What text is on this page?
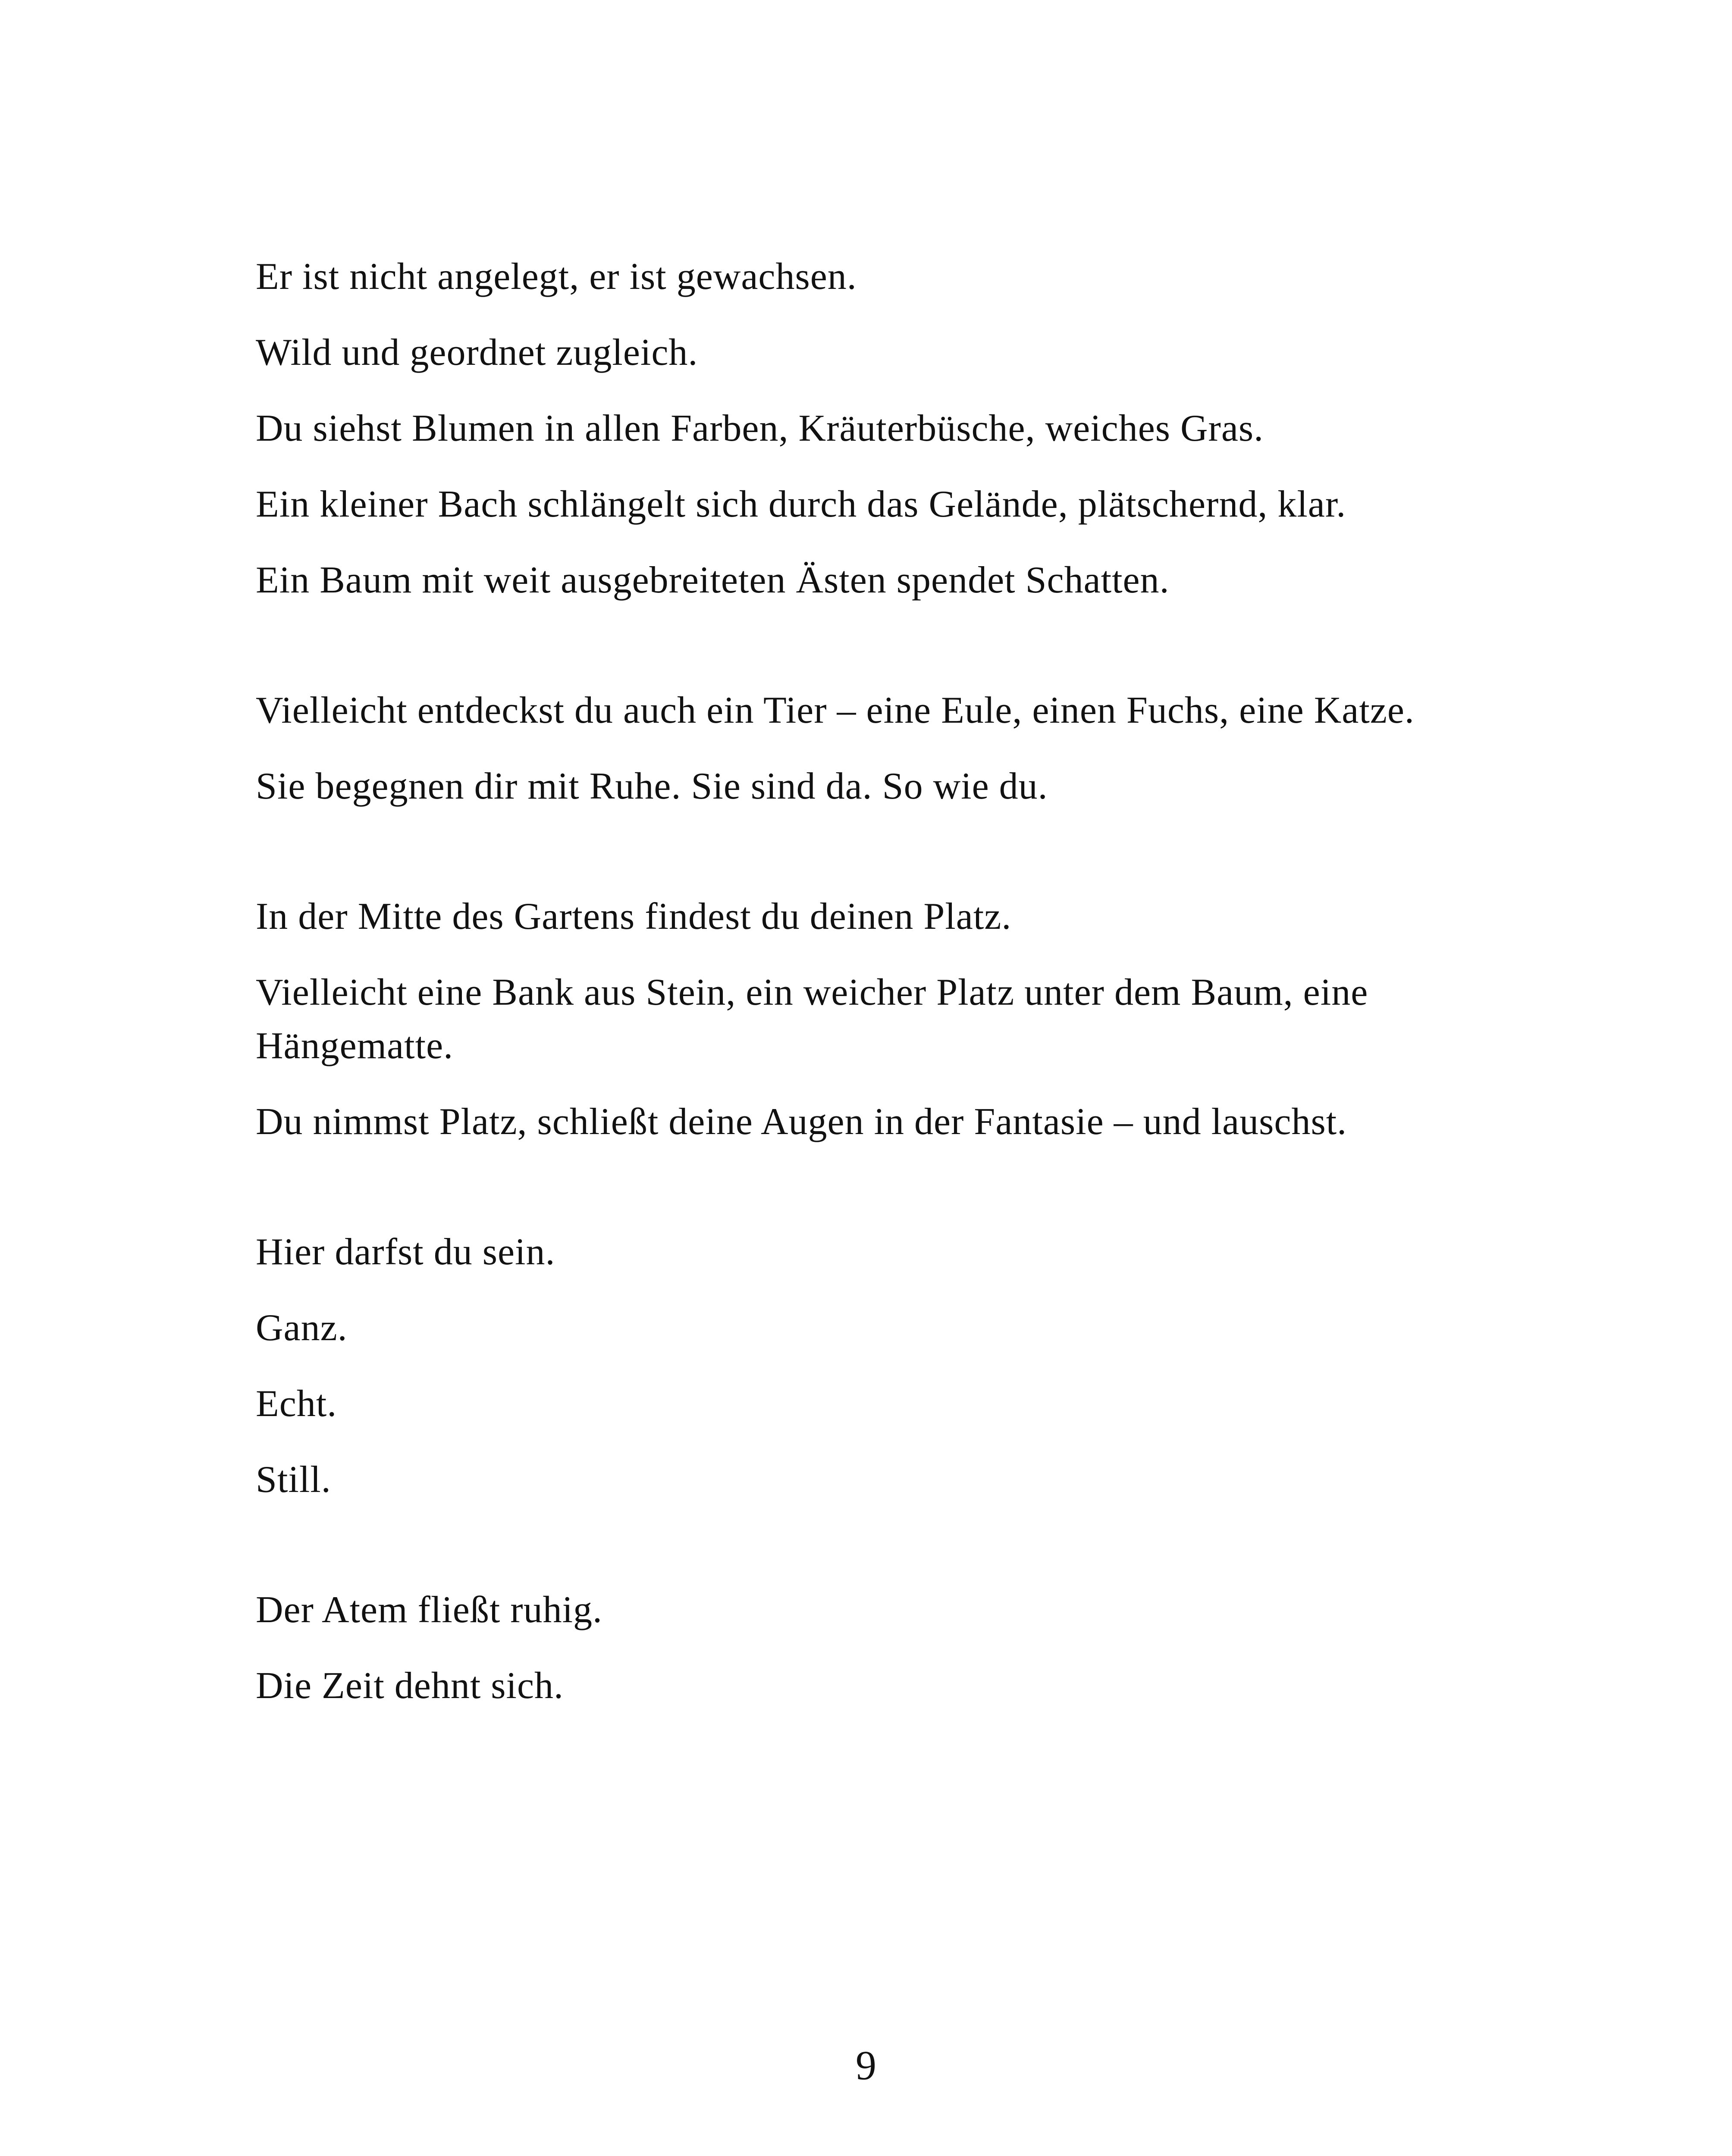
Er ist nicht angelegt, er ist gewachsen.

Wild und geordnet zugleich.

Du siehst Blumen in allen Farben, Kräuterbüsche, weiches Gras.

Ein kleiner Bach schlängelt sich durch das Gelände, plätschernd, klar.

Ein Baum mit weit ausgebreiteten Ästen spendet Schatten.

Vielleicht entdeckst du auch ein Tier – eine Eule, einen Fuchs, eine Katze.

Sie begegnen dir mit Ruhe. Sie sind da. So wie du.

In der Mitte des Gartens findest du deinen Platz.

Vielleicht eine Bank aus Stein, ein weicher Platz unter dem Baum, eine Hängematte.

Du nimmst Platz, schließt deine Augen in der Fantasie – und lauschst.

Hier darfst du sein.

Ganz.

Echt.

Still.

Der Atem fließt ruhig.

Die Zeit dehnt sich.

9
